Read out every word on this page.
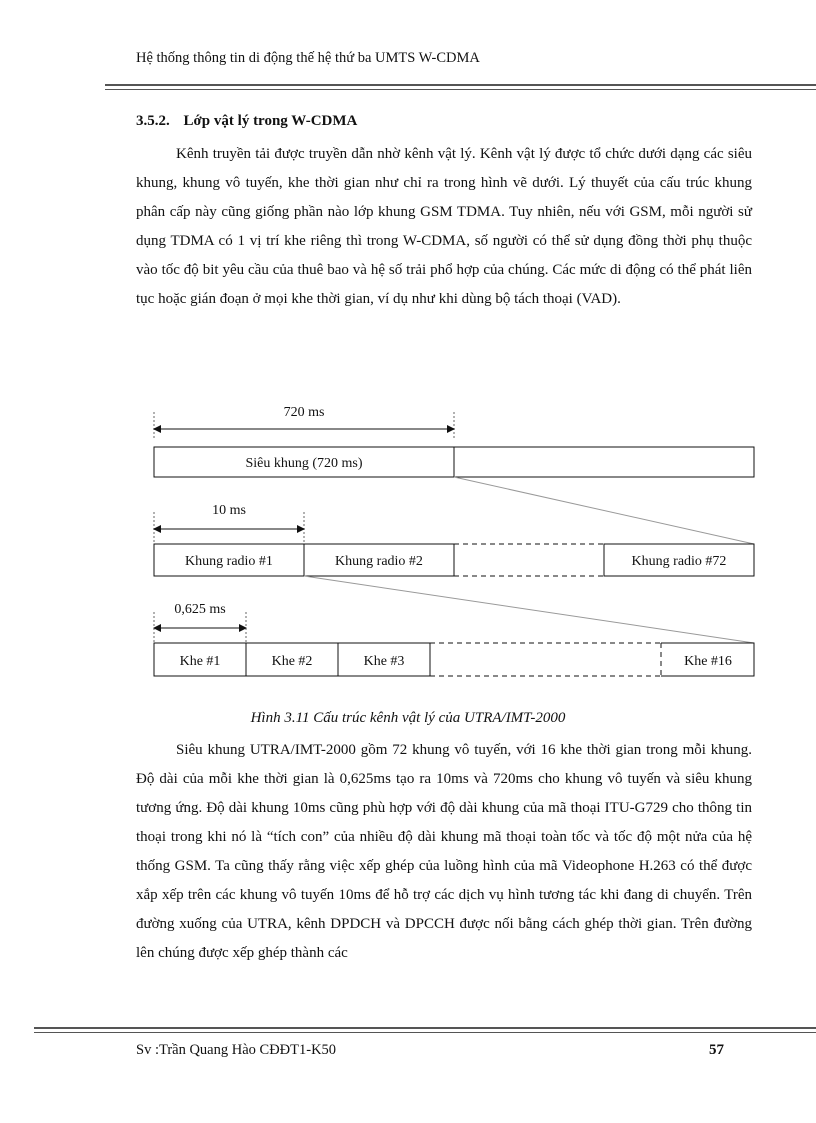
Hệ thống thông tin di động thế hệ thứ ba UMTS W-CDMA
3.5.2. Lớp vật lý trong W-CDMA

Kênh truyền tải được truyền dẫn nhờ kênh vật lý. Kênh vật lý được tổ chức dưới dạng các siêu khung, khung vô tuyến, khe thời gian như chỉ ra trong hình vẽ dưới. Lý thuyết của cấu trúc khung phân cấp này cũng giống phần nào lớp khung GSM TDMA. Tuy nhiên, nếu với GSM, mỗi người sử dụng TDMA có 1 vị trí khe riêng thì trong W-CDMA, số người có thể sử dụng đồng thời phụ thuộc vào tốc độ bit yêu cầu của thuê bao và hệ số trải phổ hợp của chúng. Các mức di động có thể phát liên tục hoặc gián đoạn ở mọi khe thời gian, ví dụ như khi dùng bộ tách thoại (VAD).

720 ms
Siêu khung (720 ms)
10 ms
Khung radio #1	Khung radio #2	Khung radio #72
0,625 ms
Khe #1	Khe #2	Khe #3	Khe #16
Hình 3.11 Cấu trúc kênh vật lý của UTRA/IMT-2000

Siêu khung UTRA/IMT-2000 gồm 72 khung vô tuyến, với 16 khe thời gian trong mỗi khung. Độ dài của mỗi khe thời gian là 0,625ms tạo ra 10ms và 720ms cho khung vô tuyến và siêu khung tương ứng. Độ dài khung 10ms cũng phù hợp với độ dài khung của mã thoại ITU-G729 cho thông tin thoại trong khi nó là “tích con” của nhiều độ dài khung mã thoại toàn tốc và tốc độ một nửa của hệ thống GSM. Ta cũng thấy rằng việc xếp ghép của luồng hình của mã Videophone H.263 có thể được xắp xếp trên các khung vô tuyến 10ms để hỗ trợ các dịch vụ hình tương tác khi đang di chuyển. Trên đường xuống của UTRA, kênh DPDCH và DPCCH được nối bằng cách ghép thời gian. Trên đường lên chúng được xếp ghép thành các

Sv :Trần Quang Hào CĐĐT1-K50	57
